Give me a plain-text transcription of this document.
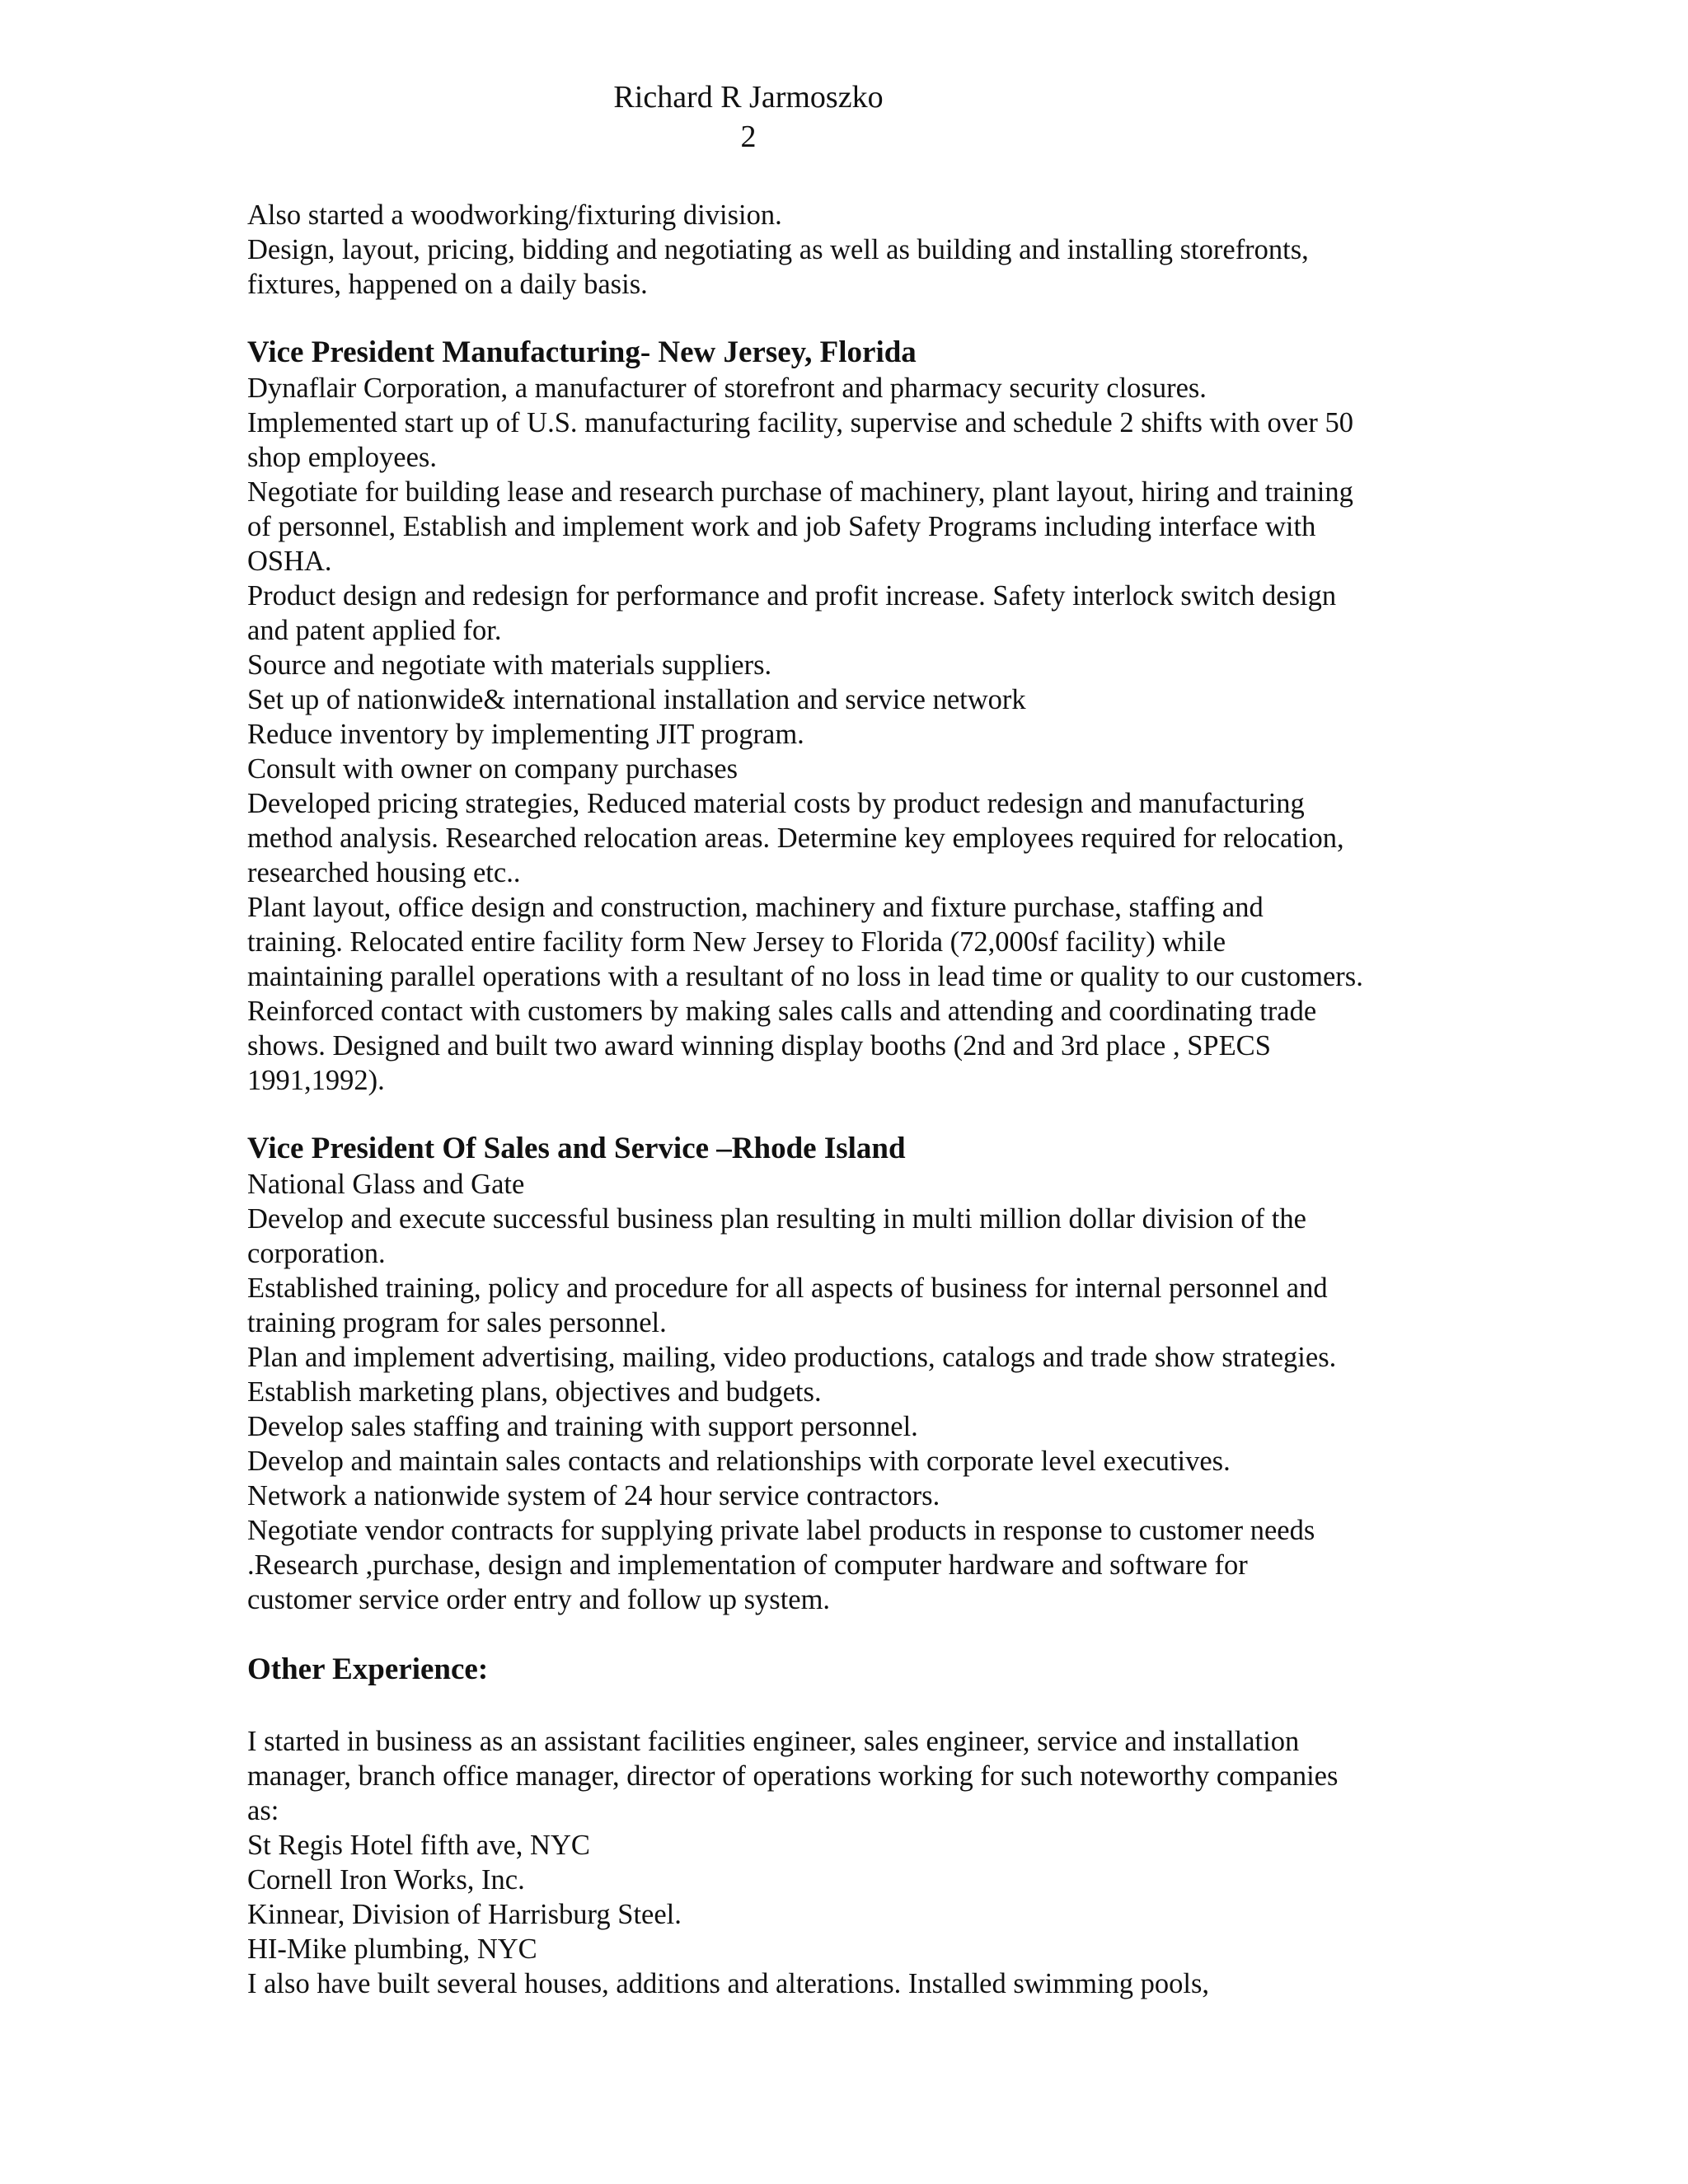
Richard R Jarmoszko
2
Also started a woodworking/fixturing division.
Design, layout, pricing, bidding and negotiating as well as building and installing storefronts,
fixtures, happened on a daily basis.
Vice President Manufacturing- New Jersey, Florida
Dynaflair Corporation, a manufacturer of storefront and pharmacy security closures.
Implemented start up of U.S. manufacturing facility, supervise and schedule 2 shifts with over 50
shop employees.
Negotiate for building lease and research purchase of machinery, plant layout, hiring and training
of personnel, Establish and implement work and job Safety Programs including interface with
OSHA.
Product design and redesign for performance and profit increase. Safety interlock switch design
and patent applied for.
Source and negotiate with materials suppliers.
Set up of nationwide& international installation and service network
Reduce inventory by implementing JIT program.
Consult with owner on company purchases
Developed pricing strategies, Reduced material costs by product redesign and manufacturing
method analysis. Researched relocation areas. Determine key employees required for relocation,
researched housing etc..
Plant layout, office design and construction, machinery and fixture purchase, staffing and
training. Relocated entire facility form New Jersey to Florida (72,000sf facility) while
maintaining parallel operations with a resultant of no loss in lead time or quality to our customers.
Reinforced contact with customers by making sales calls and attending and coordinating trade
shows. Designed and built two award winning display booths (2nd and 3rd place , SPECS
1991,1992).
Vice President Of Sales and Service –Rhode Island
National Glass and Gate
Develop and execute successful business plan resulting in multi million dollar division of the
corporation.
Established training, policy and procedure for all aspects of business for internal personnel and
training program for sales personnel.
Plan and implement advertising, mailing, video productions, catalogs and trade show strategies.
Establish marketing plans, objectives and budgets.
Develop sales staffing and training with support personnel.
Develop and maintain sales contacts and relationships with corporate level executives.
Network a nationwide system of 24 hour service contractors.
Negotiate vendor contracts for supplying private label products in response to customer needs
.Research ,purchase, design and implementation of computer hardware and software for
customer service order entry and follow up system.
Other Experience:
I started in business as an assistant facilities engineer, sales engineer, service and installation
manager, branch office manager, director of operations working for such noteworthy companies
as:
St Regis Hotel fifth ave, NYC
Cornell Iron Works, Inc.
Kinnear, Division of Harrisburg Steel.
HI-Mike plumbing, NYC
I also have built several houses, additions and alterations. Installed swimming pools,
